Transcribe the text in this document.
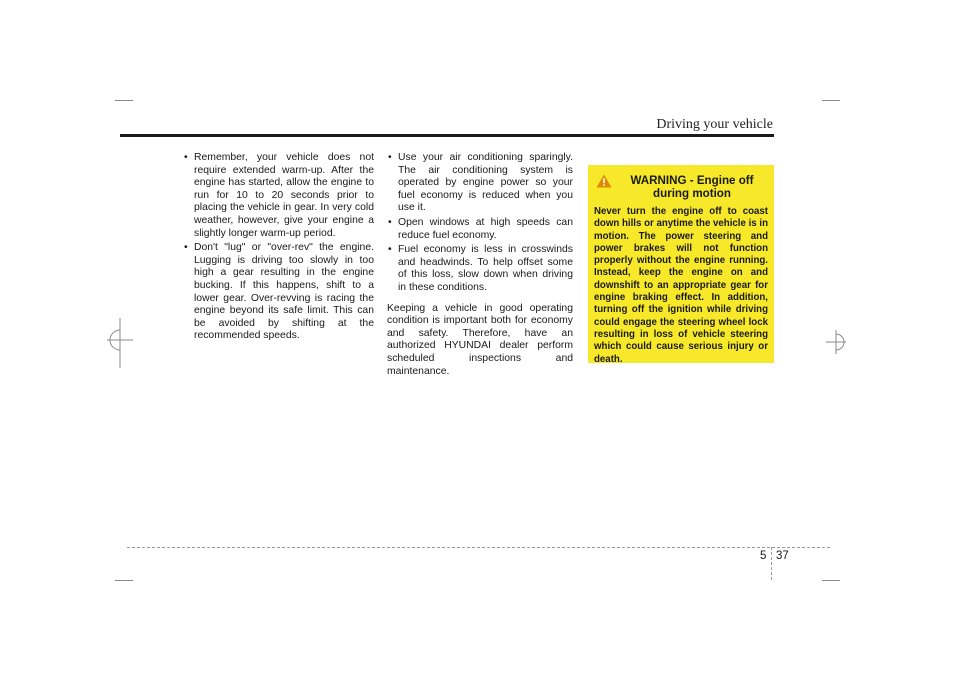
Driving your vehicle
• Remember, your vehicle does not require extended warm-up. After the engine has started, allow the engine to run for 10 to 20 seconds prior to placing the vehicle in gear. In very cold weather, however, give your engine a slightly longer warm-up period.
• Don't "lug" or "over-rev" the engine. Lugging is driving too slowly in too high a gear resulting in the engine bucking. If this happens, shift to a lower gear. Over-revving is racing the engine beyond its safe limit. This can be avoided by shifting at the recommended speeds.
• Use your air conditioning sparingly. The air conditioning system is operated by engine power so your fuel economy is reduced when you use it.
• Open windows at high speeds can reduce fuel economy.
• Fuel economy is less in crosswinds and headwinds. To help offset some of this loss, slow down when driving in these conditions.

Keeping a vehicle in good operating condition is important both for economy and safety. Therefore, have an authorized HYUNDAI dealer perform scheduled inspections and maintenance.

WARNING - Engine off during motion
Never turn the engine off to coast down hills or anytime the vehicle is in motion. The power steering and power brakes will not function properly without the engine running. Instead, keep the engine on and downshift to an appropriate gear for engine braking effect. In addition, turning off the ignition while driving could engage the steering wheel lock resulting in loss of vehicle steering which could cause serious injury or death.
5 37
